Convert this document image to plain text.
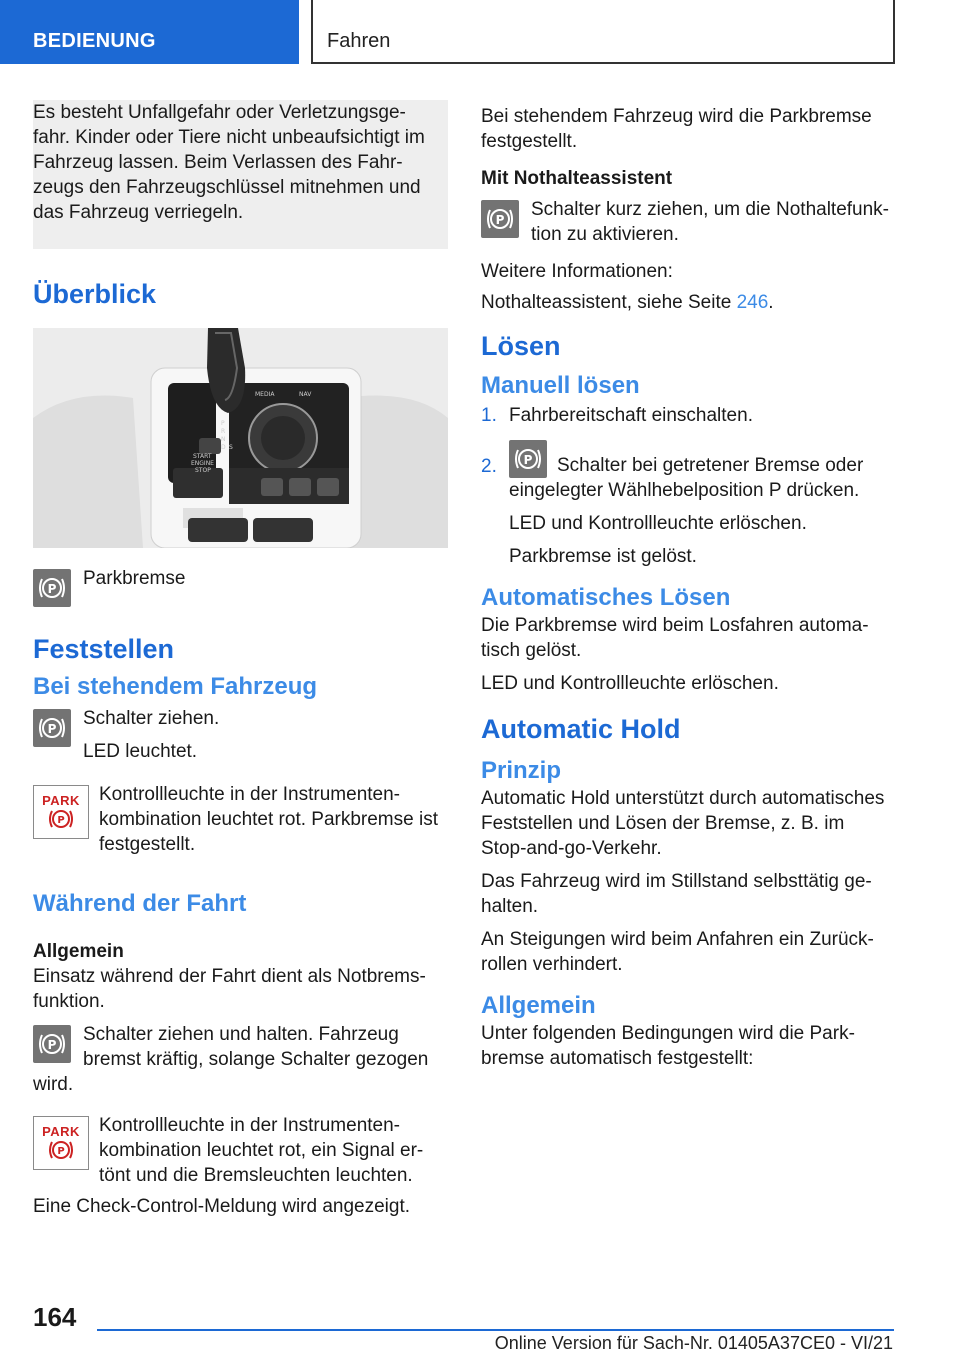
BEDIENUNG	Fahren

Es besteht Unfallgefahr oder Verletzungsge-

fahr. Kinder oder Tiere nicht unbeaufsichtigt im

Fahrzeug lassen. Beim Verlassen des Fahr-

zeugs den Fahrzeugschlüssel mitnehmen und

das Fahrzeug verriegeln.

Überblick
START
ENGINE
STOP
P
R
N
D S
MEDIA	NAV
P Parkbremse

Feststellen
Bei stehendem Fahrzeug
P Schalter ziehen.

LED leuchtet.

PARK
P

Kontrollleuchte in der Instrumenten-

kombination leuchtet rot. Parkbremse ist

festgestellt.

Während der Fahrt
Allgemein

Einsatz während der Fahrt dient als Notbrems-

funktion.

P Schalter ziehen und halten. Fahrzeug

bremst kräftig, solange Schalter gezogen

wird.

PARK
P

Kontrollleuchte in der Instrumenten-

kombination leuchtet rot, ein Signal er-

tönt und die Bremsleuchten leuchten.

Eine Check-Control-Meldung wird angezeigt.

Bei stehendem Fahrzeug wird die Parkbremse

festgestellt.

Mit Nothalteassistent
P Schalter kurz ziehen, um die Nothaltefunk-

tion zu aktivieren.

Weitere Informationen:

Nothalteassistent, siehe Seite 246.

Lösen
Manuell lösen
1. Fahrbereitschaft einschalten.
2. P Schalter bei getretener Bremse oder
eingelegter Wählhebelposition P drücken.
LED und Kontrollleuchte erlöschen.
Parkbremse ist gelöst.
Automatisches Lösen

Die Parkbremse wird beim Losfahren automa-

tisch gelöst.

LED und Kontrollleuchte erlöschen.

Automatic Hold
Prinzip

Automatic Hold unterstützt durch automatisches

Feststellen und Lösen der Bremse, z. B. im

Stop-and-go-Verkehr.

Das Fahrzeug wird im Stillstand selbsttätig ge-

halten.

An Steigungen wird beim Anfahren ein Zurück-

rollen verhindert.

Allgemein

Unter folgenden Bedingungen wird die Park-

bremse automatisch festgestellt:

164
Online Version für Sach-Nr. 01405A37CE0 - VI/21
